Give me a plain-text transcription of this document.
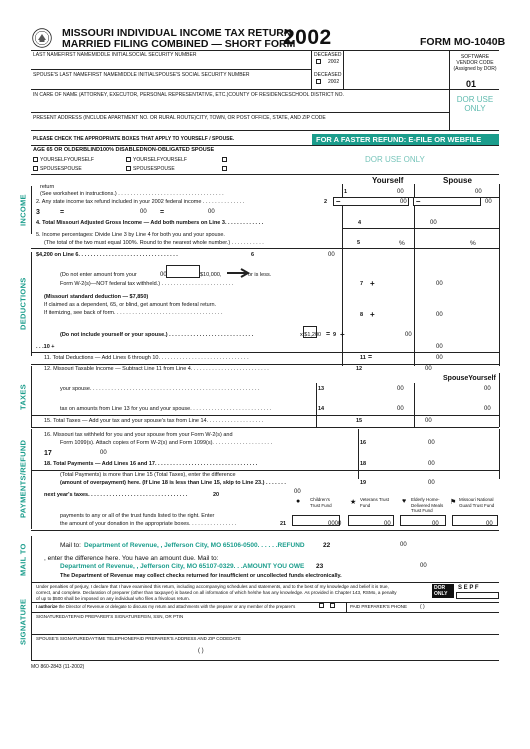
MISSOURI INDIVIDUAL INCOME TAX RETURN
MARRIED FILING COMBINED — SHORT FORM
2002	FORM MO-1040B
LAST NAMEFIRST NAMEMIDDLE INITIALSOCIAL SECURITY NUMBER
SPOUSE'S LAST NAMEFIRST NAMEMIDDLE INITIALSPOUSE'S SOCIAL SECURITY NUMBER
DECEASED
2002
DECEASED
2002
SOFTWARE
VENDOR CODE
(Assigned by DOR)
01
IN CARE OF NAME (ATTORNEY, EXECUTOR, PERSONAL REPRESENTATIVE, ETC.)COUNTY OF RESIDENCESCHOOL DISTRICT NO.
PRESENT ADDRESS (INCLUDE APARTMENT NO. OR RURAL ROUTE)CITY, TOWN, OR POST OFFICE, STATE, AND ZIP CODE
DOR USE
ONLY
PLEASE CHECK THE APPROPRIATE BOXES THAT APPLY TO YOURSELF / SPOUSE.	FOR A FASTER REFUND: E-FILE OR WEBFILE
AGE 65 OR OLDERBLIND100% DISABLEDNON-OBLIGATED SPOUSE
YOURSELFYOURSELF	YOURSELFYOURSELF
SPOUSESPOUSE	SPOUSESPOUSE
DOR USE ONLY
Yourself	Spouse
INCOME
return
(See worksheet in instructions.) . . . . . . . . . . . . . . . . . . . . . . . . . . . . . . . . . . .	1	00	00
2. Any state income tax refund included in your 2002 federal income . . . . . . . . . . . . . .	2 –	00 –	00
3	=	00 =	00
4. Total Missouri Adjusted Gross Income — Add both numbers on Line 3. . . . . . . . . . . . .	4	00
5. Income percentages: Divide Line 3 by Line 4 for both you and your spouse.
(The total of the two must equal 100%. Round to the nearest whole number.) . . . . . . . . . . .	5	%	%
DEDUCTIONS
$4,200 on Line 6. . . . . . . . . . . . . . . . . . . . . . . . . . . . . . . . .	6	00
(Do not enter amount from your	00	$10,000,	or is less.
Form W-2(s)—NOT federal tax withheld.) . . . . . . . . . . . . . . . . . . . . . . . .	7 +	00
(Missouri standard deduction — $7,850)
If claimed as a dependent, 65, or blind, get amount from federal return.
If itemizing, see back of form. . . . . . . . . . . . . . . . . . . . . . . . . . . . . . . . . . . .	8 +	00
(Do not include yourself or your spouse.) . . . . . . . . . . . . . . . . . . . . . . . . . . . .	x $1,200 = 9 +	00
. . .10 +	00
11. Total Deductions — Add Lines 6 through 10. . . . . . . . . . . . . . . . . . . . . . . . . . . . . .	11 =	00
TAXES
12. Missouri Taxable Income — Subtract Line 11 from Line 4. . . . . . . . . . . . . . . . . . . . . . . . . .	12	00
SpouseYourself
your spouse. . . . . . . . . . . . . . . . . . . . . . . . . . . . . . . . . . . . . . . . . . . . . . . . . . . . . . . .	13	00	00
tax on amounts from Line 13 for you and your spouse. . . . . . . . . . . . . . . . . . . . . . . . . . .	14	00	00
15. Total Taxes — Add your tax and your spouse's tax from Line 14. . . . . . . . . . . . . . . . . . .	15	00
PAYMENTS/REFUND
16. Missouri tax withheld for you and your spouse from your Form W-2(s) and
Form 1099(s). Attach copies of Form W-2(s) and Form 1099(s). . . . . . . . . . . . . . . . . . . .	16	00
17	00
18. Total Payments — Add Lines 16 and 17. . . . . . . . . . . . . . . . . . . . . . . . . . . . . . . . . .	18	00
(Total Payments) is more than Line 15 (Total Taxes), enter the difference
(amount of overpayment) here. (If Line 18 is less than Line 15, skip to Line 23.) . . . . . . .	19	00
next year's taxes. . . . . . . . . . . . . . . . . . . . . . . . . . . . . . . . .	20	00
● Children's
Trust Fund	★ Veterans Trust
Fund	♥ Elderly Home-
Delivered Meals
Trust Fund
⚑ Missouri National
Guard Trust Fund
payments to any or all of the trust funds listed to the right. Enter
the amount of your donation in the appropriate boxes. . . . . . . . . . . . . . . .	21	0000	00	00	00
MAIL TO	Mail to: Department of Revenue, , Jefferson City, MO 65106-0500. . . . . .REFUND	22	00
, enter the difference here. You have an amount due. Mail to:
Department of Revenue, , Jefferson City, MO 65107-0329. . .AMOUNT YOU OWE 23	00
The Department of Revenue may collect checks returned for insufficient or uncollected funds electronically.
SIGNATURE
Under penalties of perjury, I declare that I have examined this return, including accompanying schedules and statements, and to the best of my knowledge and belief it is true,
correct, and complete. Declaration of preparer (other than taxpayer) is based on all information of which he/she has any knowledge. As provided in Chapter 143, RSMo, a penalty
of up to $500 shall be imposed on any individual who files a frivolous return.
DOR
ONLY
S E P F
I authorize the Director of Revenue or delegate to discuss my return and attachments with the preparer or any member of the preparer's	PAID PREPARER'S PHONE	( )
SIGNATUREDATEPAID PREPARER'S SIGNATUREFEIN, SSN, OR PTIN
SPOUSE'S SIGNATUREDAYTIME TELEPHONEPAID PREPARER'S ADDRESS AND ZIP CODEDATE
( )
MO 860-2843 (11-2002)
